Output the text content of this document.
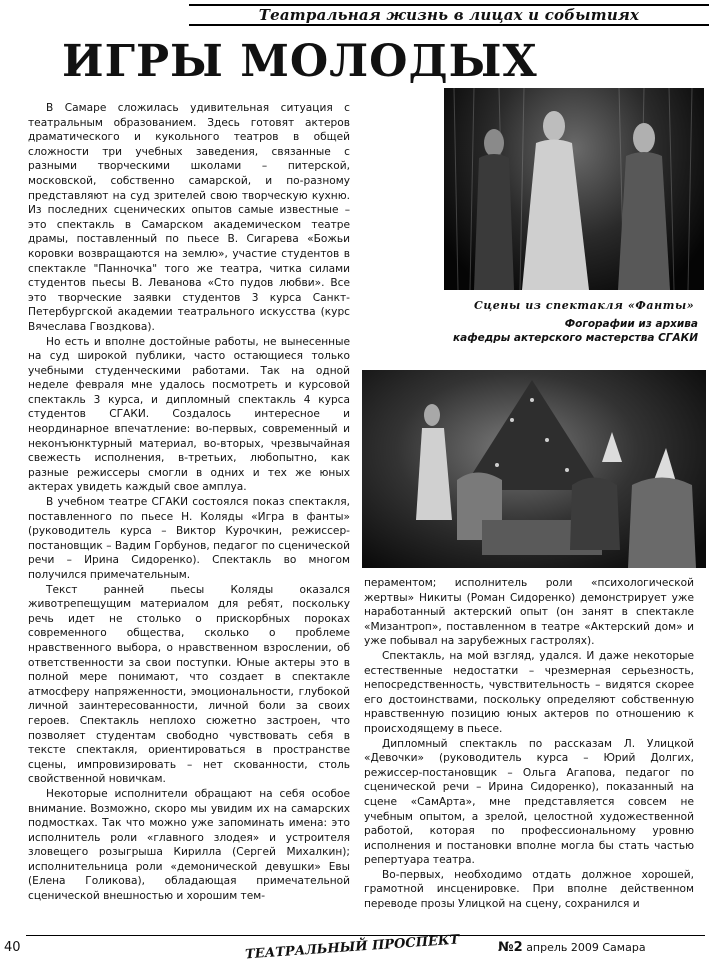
Театральная жизнь в лицах и событиях
ИГРЫ МОЛОДЫХ

В Самаре сложилась удивительная ситуация с театральным образованием. Здесь готовят актеров драматического и кукольного театров в общей сложности три учебных заведения, связанные с разными творческими школами – питерской, московской, собственно самарской, и по-разному представляют на суд зрителей свою творческую кухню. Из последних сценических опытов самые известные – это спектакль в Самарском академическом театре драмы, поставленный по пьесе В. Сигарева «Божьи коровки возвращаются на землю», участие студентов в спектакле "Панночка" того же театра, читка силами студентов пьесы В. Леванова «Сто пудов любви». Все это творческие заявки студентов 3 курса Санкт-Петербургской академии театрального искусства (курс Вячеслава Гвоздкова).

Но есть и вполне достойные работы, не вынесенные на суд широкой публики, часто остающиеся только учебными студенческими работами. Так на одной неделе февраля мне удалось посмотреть и курсовой спектакль 3 курса, и дипломный спектакль 4 курса студентов СГАКИ. Создалось интересное и неординарное впечатление: во-первых, современный и неконъюнктурный материал, во-вторых, чрезвычайная свежесть исполнения, в-третьих, любопытно, как разные режиссеры смогли в одних и тех же юных актерах увидеть каждый свое амплуа.

В учебном театре СГАКИ состоялся показ спектакля, поставленного по пьесе Н. Коляды «Игра в фанты» (руководитель курса – Виктор Курочкин, режиссер-постановщик – Вадим Горбунов, педагог по сценической речи – Ирина Сидоренко). Спектакль во многом получился примечательным.

Текст ранней пьесы Коляды оказался животрепещущим материалом для ребят, поскольку речь идет не столько о прискорбных пороках современного общества, сколько о проблеме нравственного выбора, о нравственном взрослении, об ответственности за свои поступки. Юные актеры это в полной мере понимают, что создает в спектакле атмосферу напряженности, эмоциональности, глубокой личной заинтересованности, личной боли за своих героев. Спектакль неплохо сюжетно застроен, что позволяет студентам свободно чувствовать себя в тексте спектакля, ориентироваться в пространстве сцены, импровизировать – нет скованности, столь свойственной новичкам.

Некоторые исполнители обращают на себя особое внимание. Возможно, скоро мы увидим их на самарских подмостках. Так что можно уже запоминать имена: это исполнитель роли «главного злодея» и устроителя зловещего розыгрыша Кирилла (Сергей Михалкин); исполнительница роли «демонической девушки» Евы (Елена Голикова), обладающая примечательной сценической внешностью и хорошим тем-

Сцены из спектакля «Фанты»
Фогорафии из архива
кафедры актерского мастерства СГАКИ

пераментом; исполнитель роли «психологической жертвы» Никиты (Роман Сидоренко) демонстрирует уже наработанный актерский опыт (он занят в спектакле «Мизантроп», поставленном в театре «Актерский дом» и уже побывал на зарубежных гастролях).

Спектакль, на мой взгляд, удался. И даже некоторые естественные недостатки – чрезмерная серьезность, непосредственность, чувствительность – видятся скорее его достоинствами, поскольку определяют собственную нравственную позицию юных актеров по отношению к происходящему в пьесе.

Дипломный спектакль по рассказам Л. Улицкой «Девочки» (руководитель курса – Юрий Долгих, режиссер-постановщик – Ольга Агапова, педагог по сценической речи – Ирина Сидоренко), показанный на сцене «СамАрта», мне представляется совсем не учебным опытом, а зрелой, целостной художественной работой, которая по профессиональному уровню исполнения и постановки вполне могла бы стать частью репертуара театра.

Во-первых, необходимо отдать должное хорошей, грамотной инсценировке. При вполне действенном переводе прозы Улицкой на сцену, сохранился и

40	ТЕАТРАЛЬНЫЙ ПРОСПЕКТ	№2 апрель 2009 Самара
